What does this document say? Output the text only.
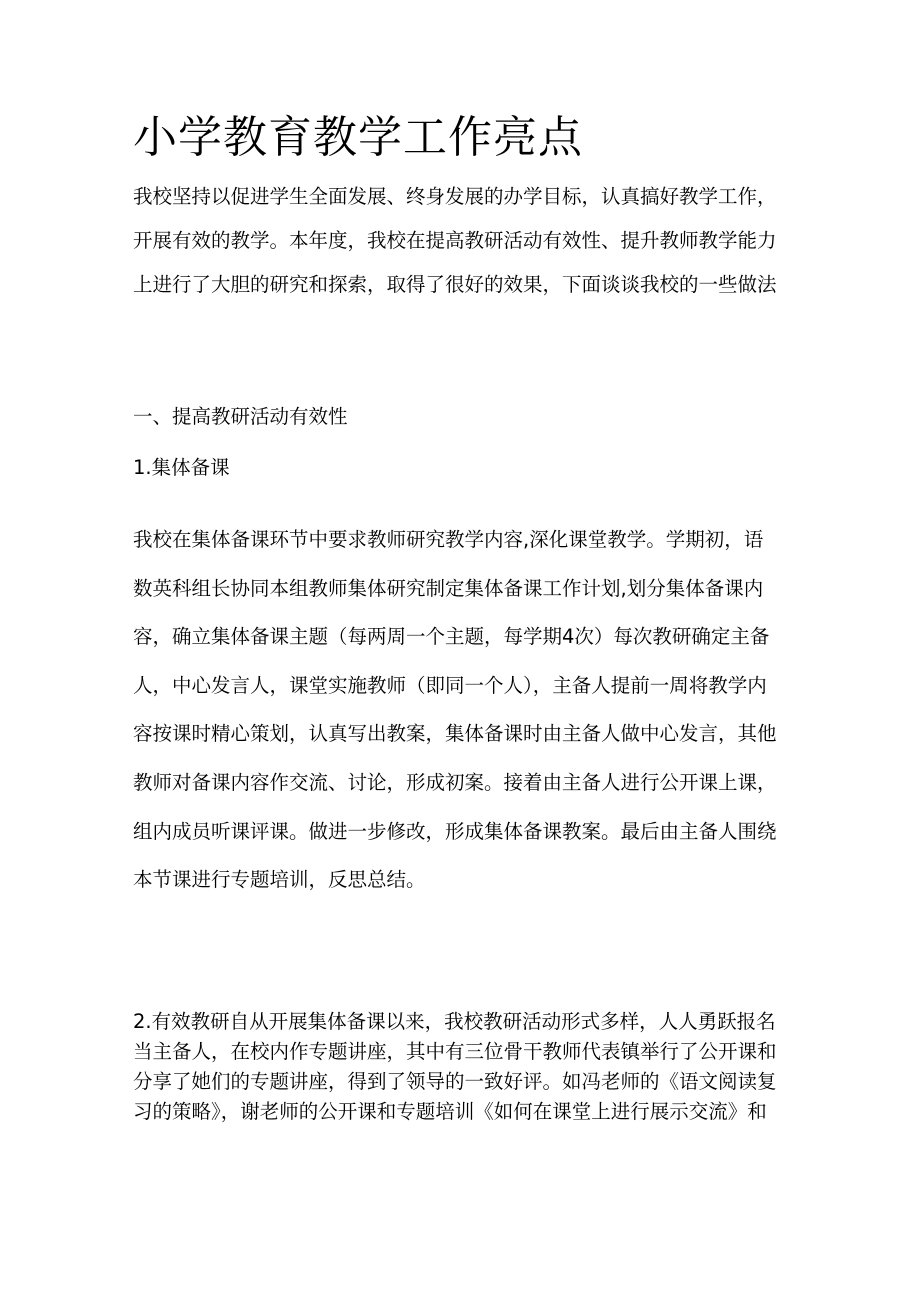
小学教育教学工作亮点
我校坚持以促进学生全面发展、终身发展的办学目标，认真搞好教学工作，
开展有效的教学。本年度，我校在提高教研活动有效性、提升教师教学能力
上进行了大胆的研究和探索，取得了很好的效果，下面谈谈我校的一些做法
一、提高教研活动有效性
1.集体备课
我校在集体备课环节中要求教师研究教学内容,深化课堂教学。学期初，语
数英科组长协同本组教师集体研究制定集体备课工作计划,划分集体备课内
容，确立集体备课主题（每两周一个主题，每学期4次）每次教研确定主备
人，中心发言人，课堂实施教师（即同一个人），主备人提前一周将教学内
容按课时精心策划，认真写出教案，集体备课时由主备人做中心发言，其他
教师对备课内容作交流、讨论，形成初案。接着由主备人进行公开课上课，
组内成员听课评课。做进一步修改，形成集体备课教案。最后由主备人围绕
本节课进行专题培训，反思总结。
2.有效教研自从开展集体备课以来，我校教研活动形式多样，人人勇跃报名
当主备人，在校内作专题讲座，其中有三位骨干教师代表镇举行了公开课和
分享了她们的专题讲座，得到了领导的一致好评。如冯老师的《语文阅读复
习的策略》，谢老师的公开课和专题培训《如何在课堂上进行展示交流》和
